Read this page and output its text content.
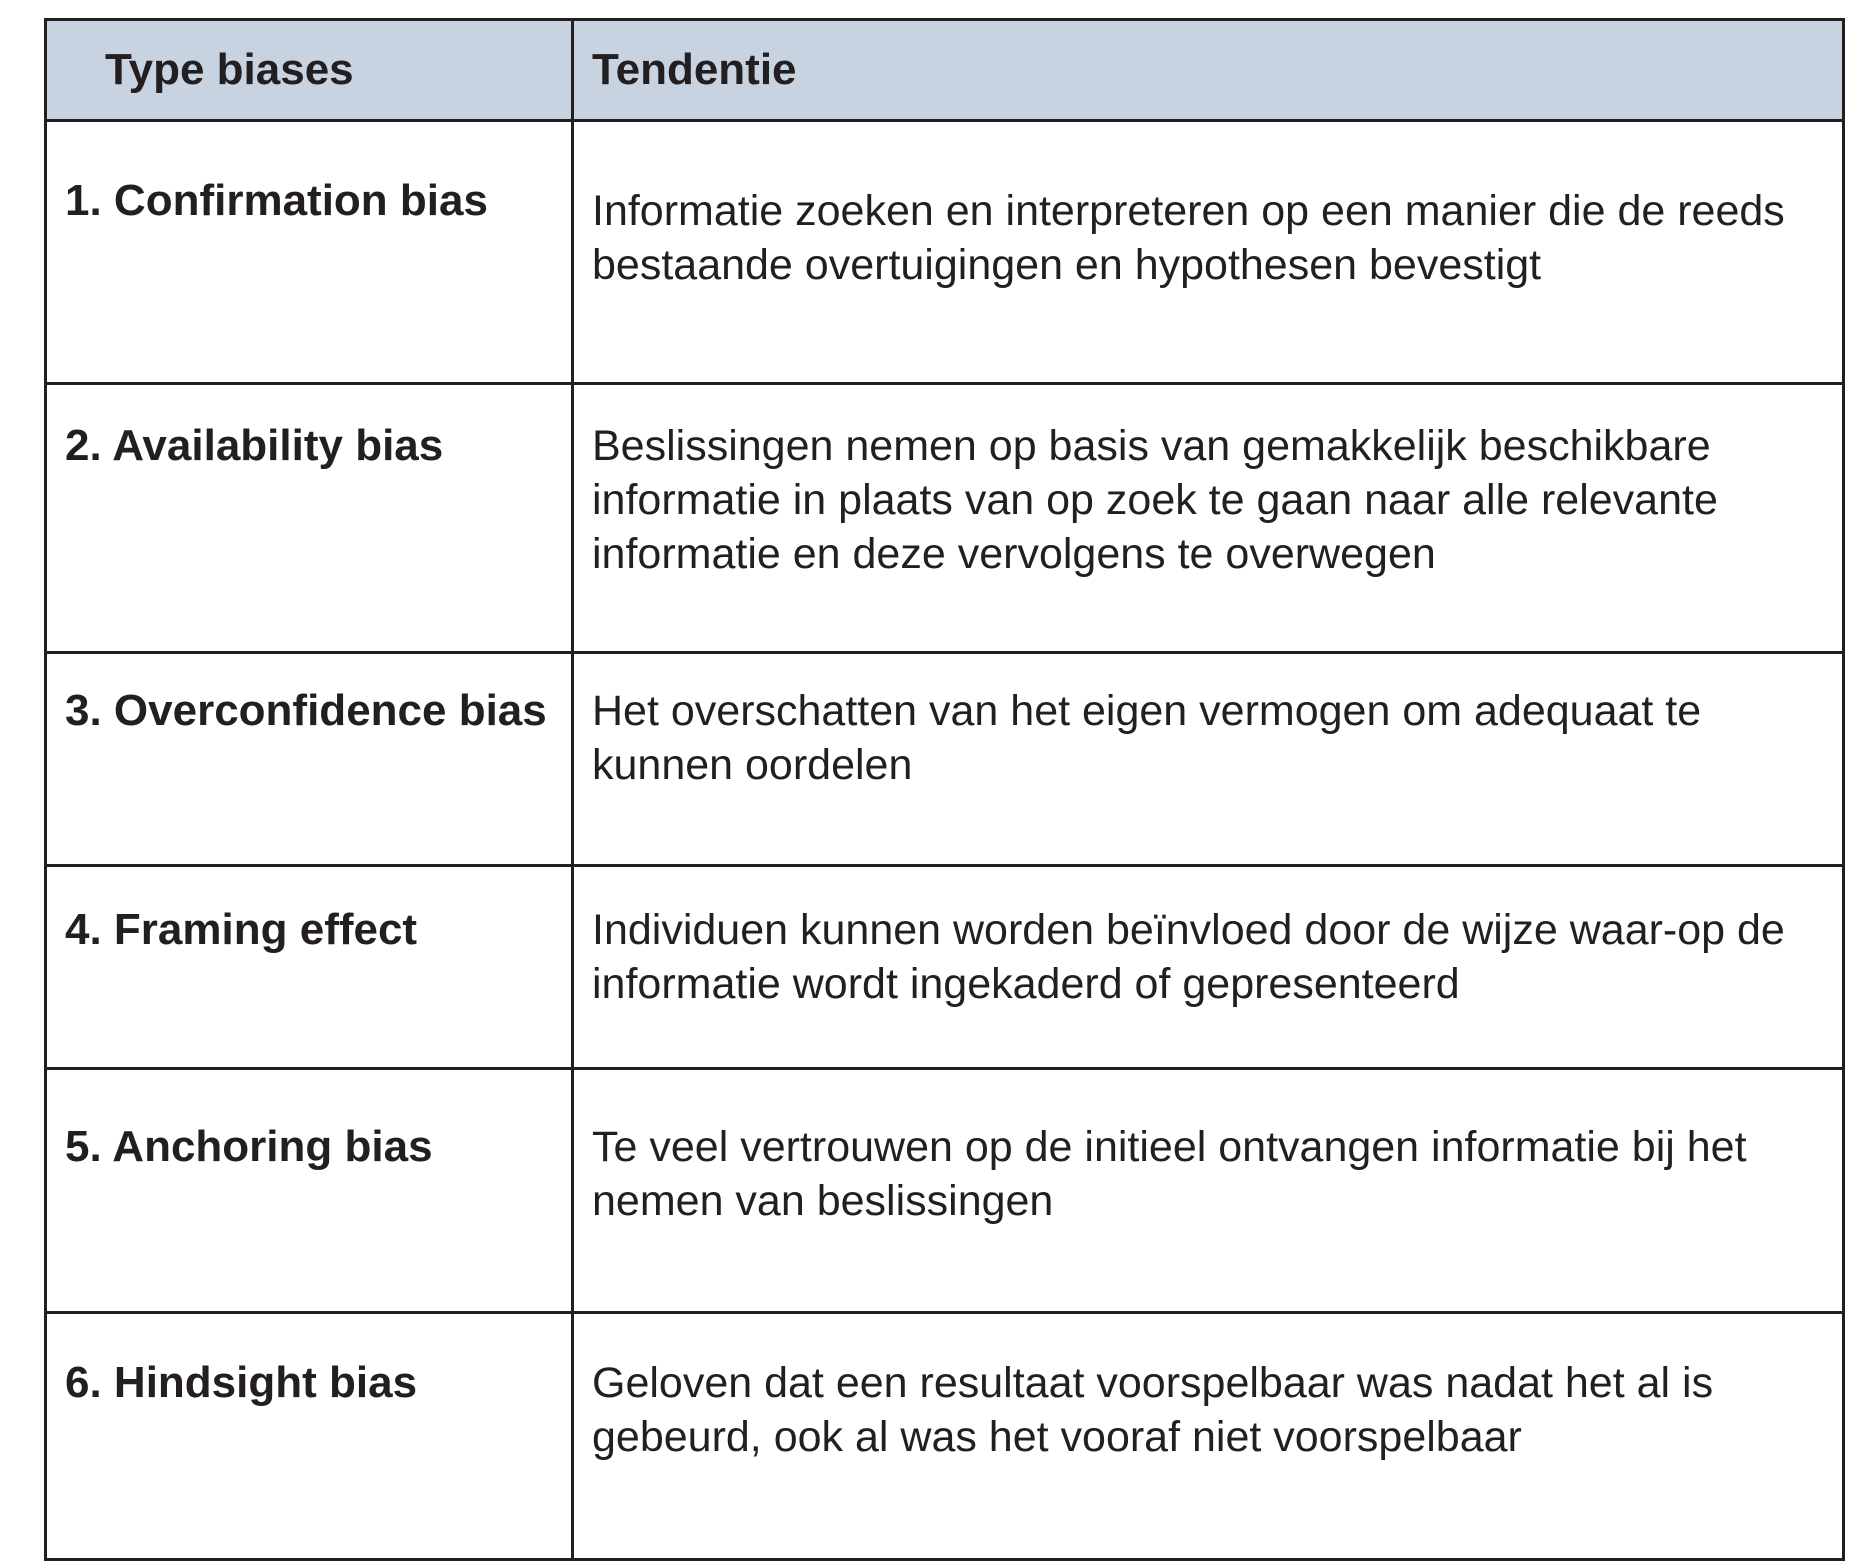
Type biases	Tendentie
1. Confirmation bias	Informatie zoeken en interpreteren op een manier die de reeds bestaande overtuigingen en hypothesen bevestigt
2. Availability bias	Beslissingen nemen op basis van gemakkelijk beschikbare informatie in plaats van op zoek te gaan naar alle relevante informatie en deze vervolgens te overwegen
3. Overconfidence bias	Het overschatten van het eigen vermogen om adequaat te kunnen oordelen
4. Framing effect	Individuen kunnen worden beïnvloed door de wijze waar-op de informatie wordt ingekaderd of gepresenteerd
5. Anchoring bias	Te veel vertrouwen op de initieel ontvangen informatie bij het nemen van beslissingen
6. Hindsight bias	Geloven dat een resultaat voorspelbaar was nadat het al is gebeurd, ook al was het vooraf niet voorspelbaar
